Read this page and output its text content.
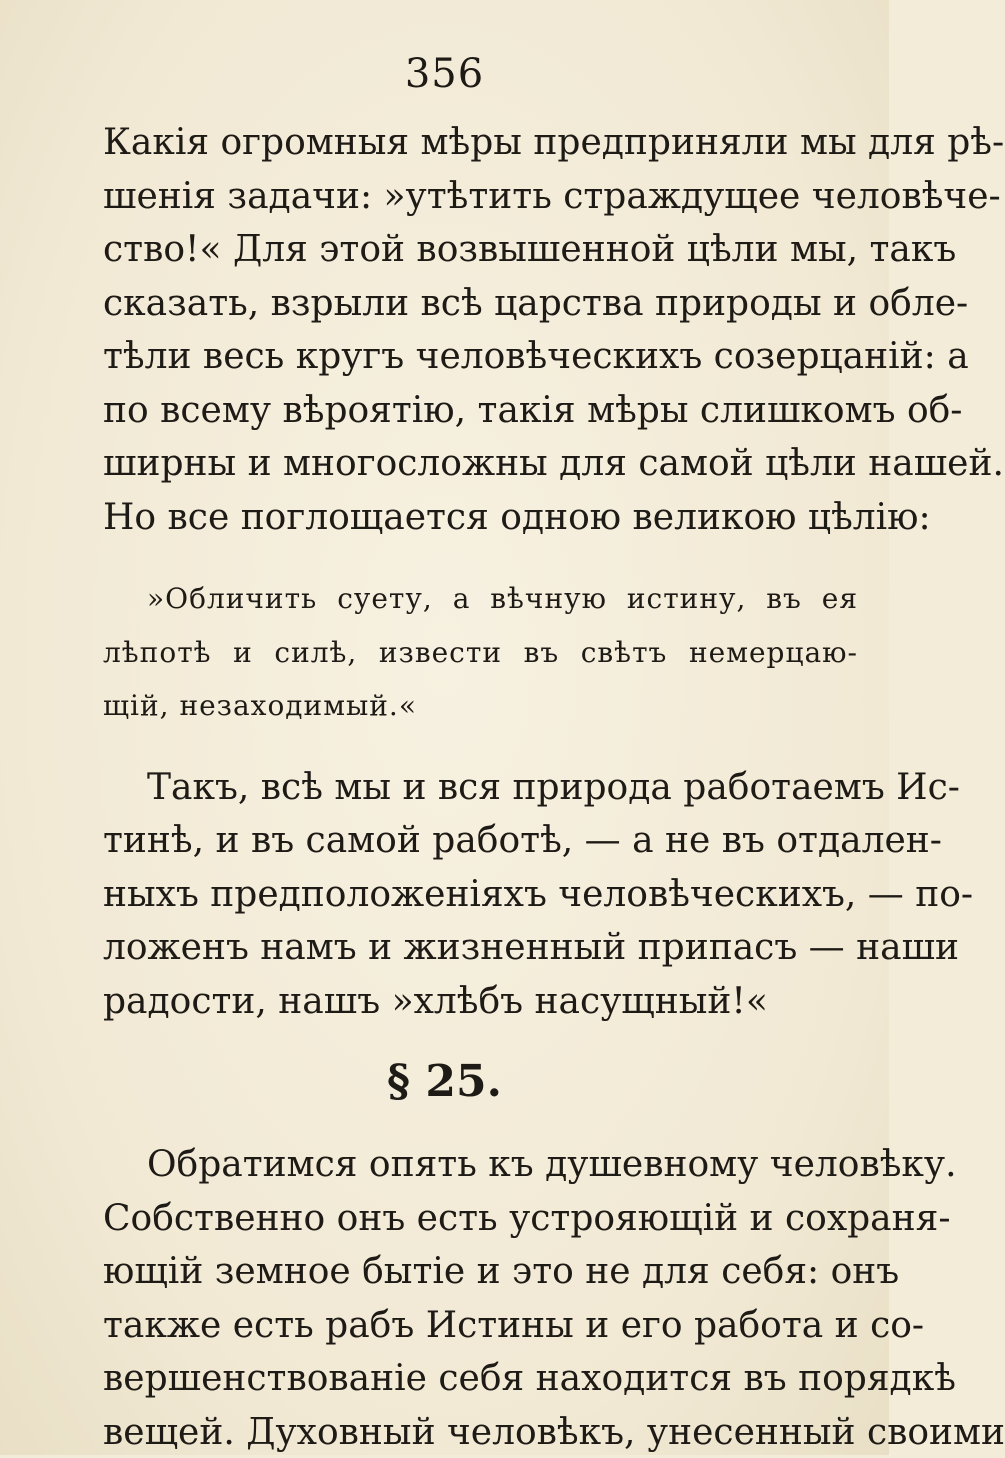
356
Какія огромныя мѣры предприняли мы для рѣ-
шенія задачи: »утѣтить страждущее человѣче-
ство!« Для этой возвышенной цѣли мы, такъ
сказать, взрыли всѣ царства природы и обле-
тѣли весь кругъ человѣческихъ созерцаній: а
по всему вѣроятію, такія мѣры слишкомъ об-
ширны и многосложны для самой цѣли нашей.
Но все поглощается одною великою цѣлію:
»Обличить суету, а вѣчную истину, въ ея
лѣпотѣ и силѣ, извести въ свѣтъ немерцаю-
щій, незаходимый.«
Такъ, всѣ мы и вся природа работаемъ Ис-
тинѣ, и въ самой работѣ, — а не въ отдален-
ныхъ предположеніяхъ человѣческихъ, — по-
ложенъ намъ и жизненный припасъ — наши
радости, нашъ »хлѣбъ насущный!«
§ 25.
Обратимся опять къ душевному человѣку.
Собственно онъ есть устрояющій и сохраня-
ющій земное бытіе и это не для себя: онъ
также есть рабъ Истины и его работа и со-
вершенствованіе себя находится въ порядкѣ
вещей. Духовный человѣкъ, унесенный своими
